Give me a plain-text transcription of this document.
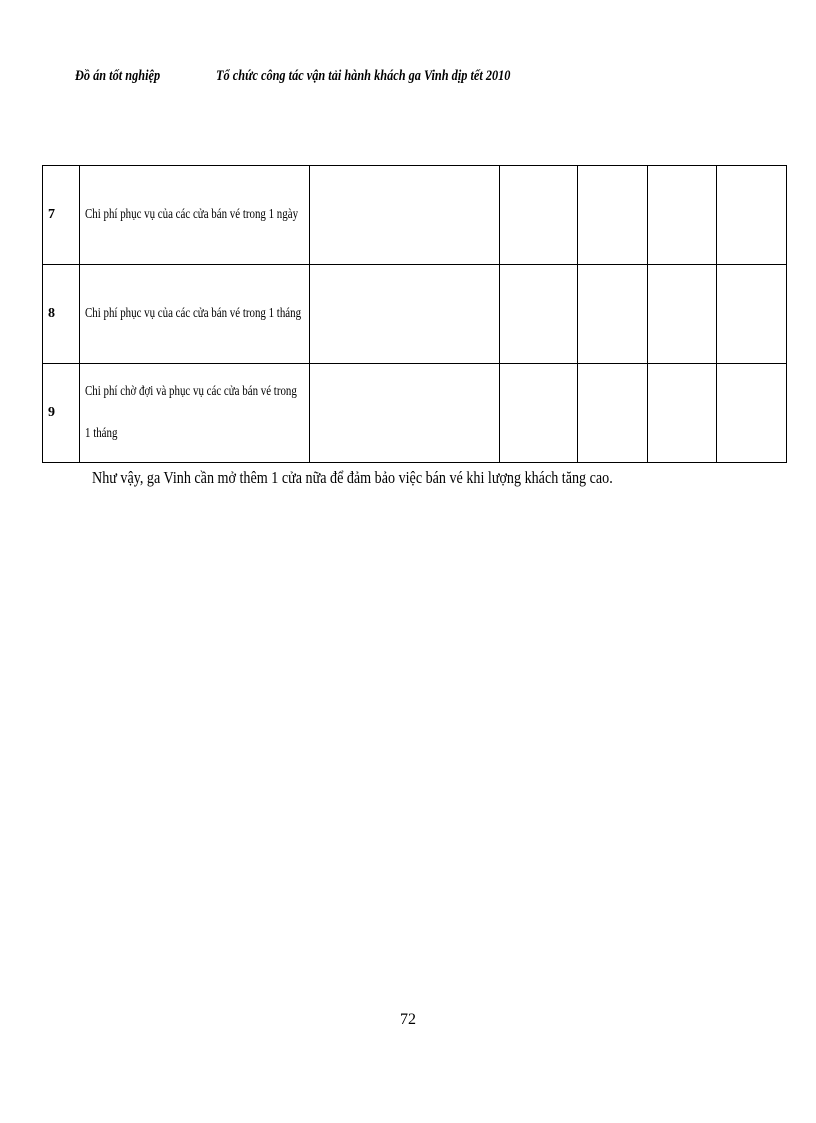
Đồ án tốt nghiệp	Tổ chức công tác vận tải hành khách ga Vinh dịp tết 2010
7	Chi phí phục vụ của các cửa bán vé trong 1 ngày					

8	Chi phí phục vụ của các cửa bán vé trong 1 tháng					

9	Chi phí chờ đợi và phục vụ các cửa bán vé trong 1 tháng					

Như vậy, ga Vinh cần mở thêm 1 cửa nữa để đảm bảo việc bán vé khi lượng khách tăng cao.
72
